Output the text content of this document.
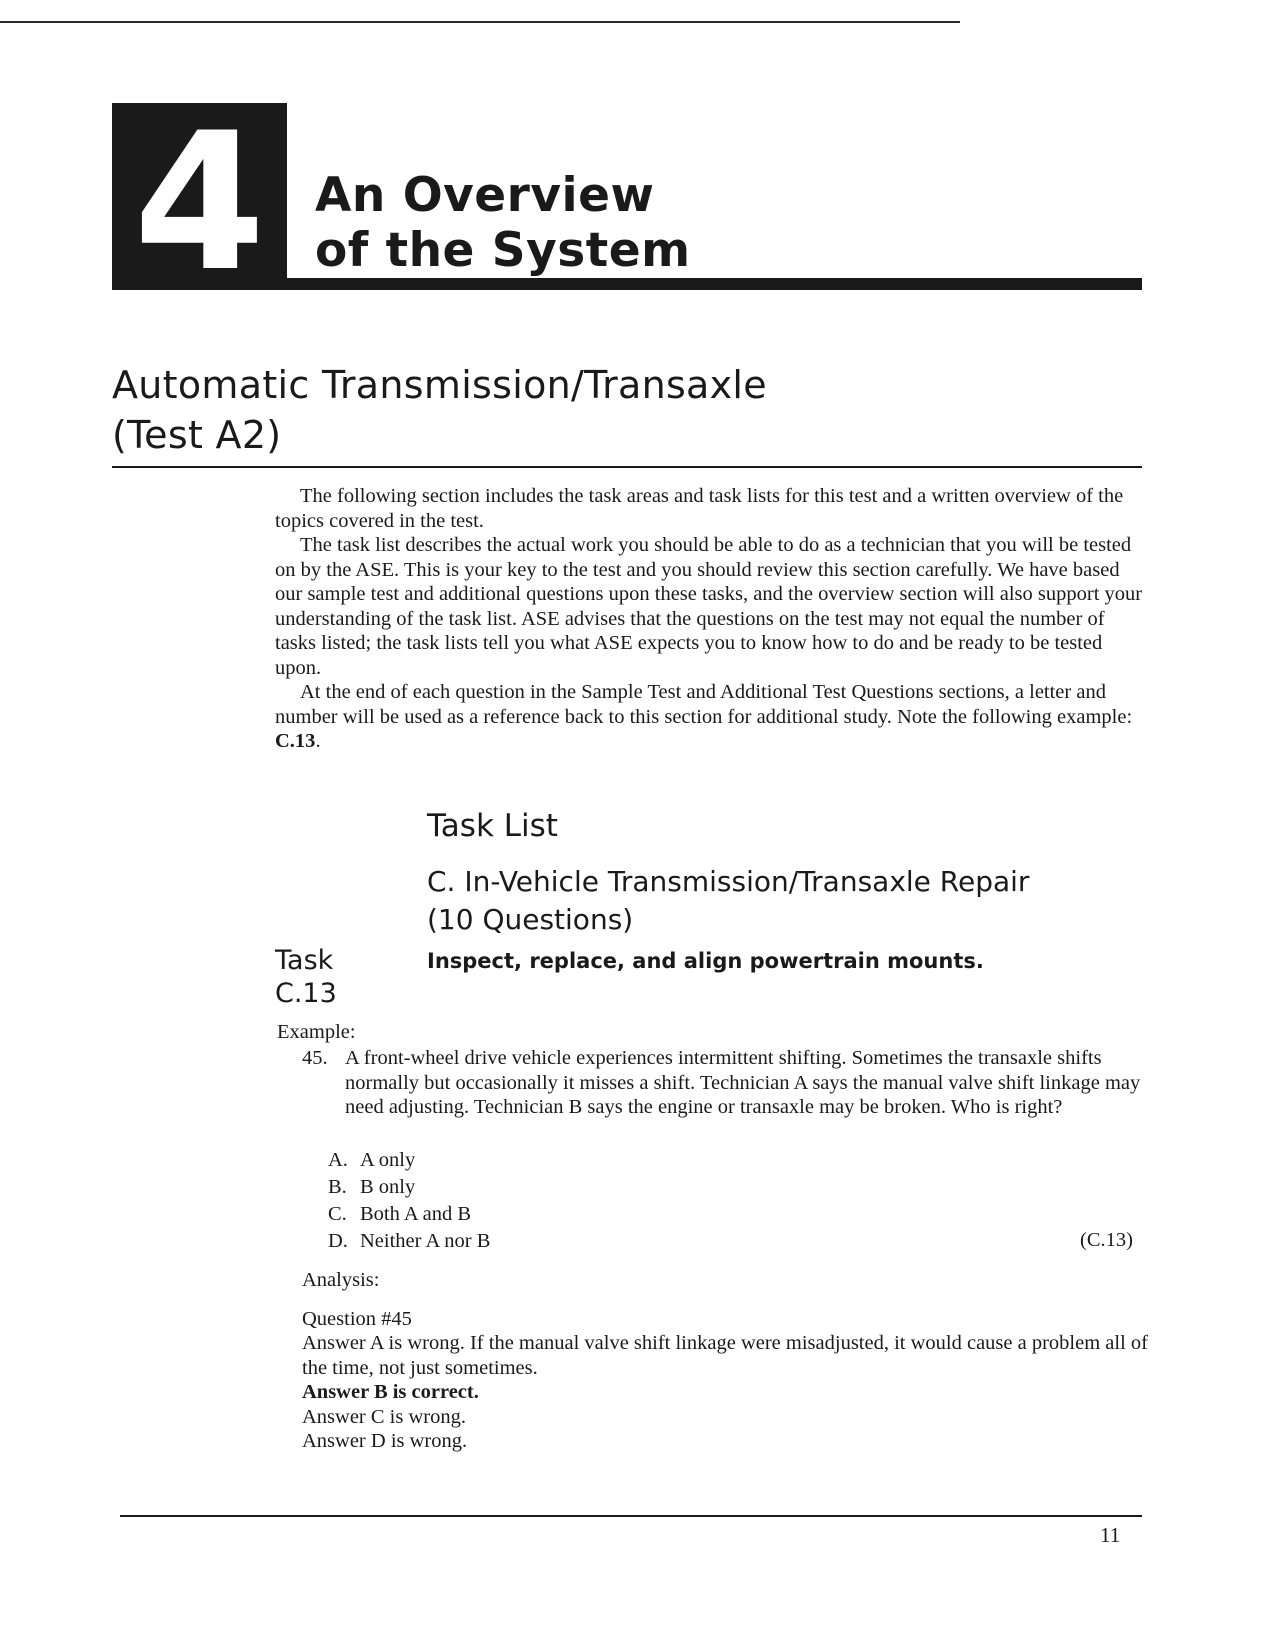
4	An Overview
of the System
Automatic Transmission/Transaxle
(Test A2)

The following section includes the task areas and task lists for this test and a written overview of the topics covered in the test.

The task list describes the actual work you should be able to do as a technician that you will be tested on by the ASE. This is your key to the test and you should review this section carefully. We have based our sample test and additional questions upon these tasks, and the overview section will also support your understanding of the task list. ASE advises that the questions on the test may not equal the number of tasks listed; the task lists tell you what ASE expects you to know how to do and be ready to be tested upon.

At the end of each question in the Sample Test and Additional Test Questions sections, a letter and number will be used as a reference back to this section for additional study. Note the following example: C.13.

Task List
C. In-Vehicle Transmission/Transaxle Repair
(10 Questions)
Task
C.13
Inspect, replace, and align powertrain mounts.
Example:
45. A front-wheel drive vehicle experiences intermittent shifting. Sometimes the transaxle shifts normally but occasionally it misses a shift. Technician A says the manual valve shift linkage may need adjusting. Technician B says the engine or transaxle may be broken. Who is right?
A. A only
B. B only
C. Both A and B
D. Neither A nor B	(C.13)
Analysis:
Question #45
Answer A is wrong. If the manual valve shift linkage were misadjusted, it would cause a problem all of the time, not just sometimes.
Answer B is correct.
Answer C is wrong.
Answer D is wrong.
11
